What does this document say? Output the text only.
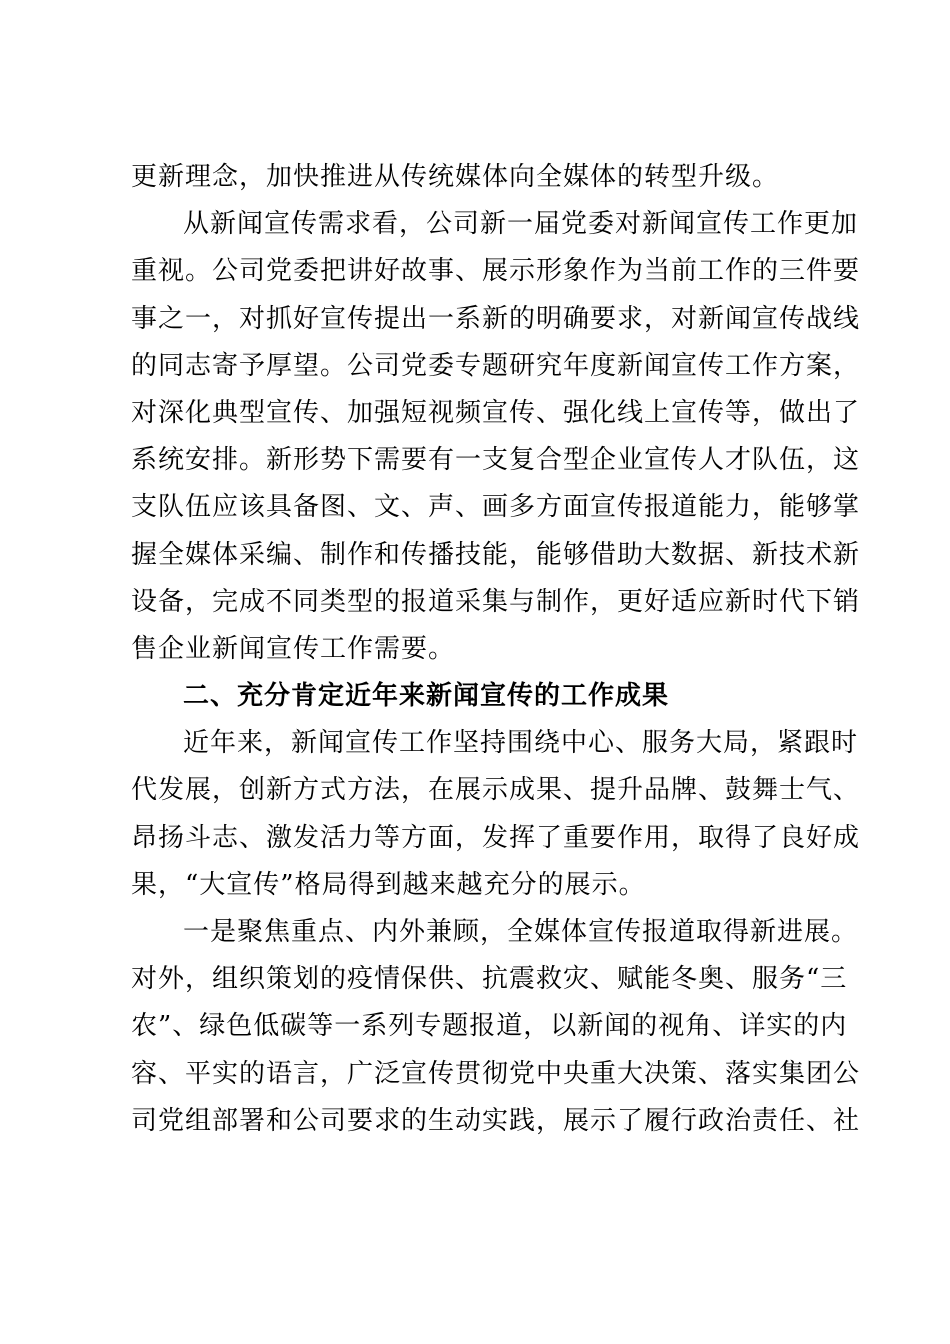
更新理念，加快推进从传统媒体向全媒体的转型升级。
从新闻宣传需求看，公司新一届党委对新闻宣传工作更加
重视。公司党委把讲好故事、展示形象作为当前工作的三件要
事之一，对抓好宣传提出一系新的明确要求，对新闻宣传战线
的同志寄予厚望。公司党委专题研究年度新闻宣传工作方案，
对深化典型宣传、加强短视频宣传、强化线上宣传等，做出了
系统安排。新形势下需要有一支复合型企业宣传人才队伍，这
支队伍应该具备图、文、声、画多方面宣传报道能力，能够掌
握全媒体采编、制作和传播技能，能够借助大数据、新技术新
设备，完成不同类型的报道采集与制作，更好适应新时代下销
售企业新闻宣传工作需要。
二、充分肯定近年来新闻宣传的工作成果
近年来，新闻宣传工作坚持围绕中心、服务大局，紧跟时
代发展，创新方式方法，在展示成果、提升品牌、鼓舞士气、
昂扬斗志、激发活力等方面，发挥了重要作用，取得了良好成
果，“大宣传”格局得到越来越充分的展示。
一是聚焦重点、内外兼顾，全媒体宣传报道取得新进展。
对外，组织策划的疫情保供、抗震救灾、赋能冬奥、服务“三
农”、绿色低碳等一系列专题报道，以新闻的视角、详实的内
容、平实的语言，广泛宣传贯彻党中央重大决策、落实集团公
司党组部署和公司要求的生动实践，展示了履行政治责任、社
